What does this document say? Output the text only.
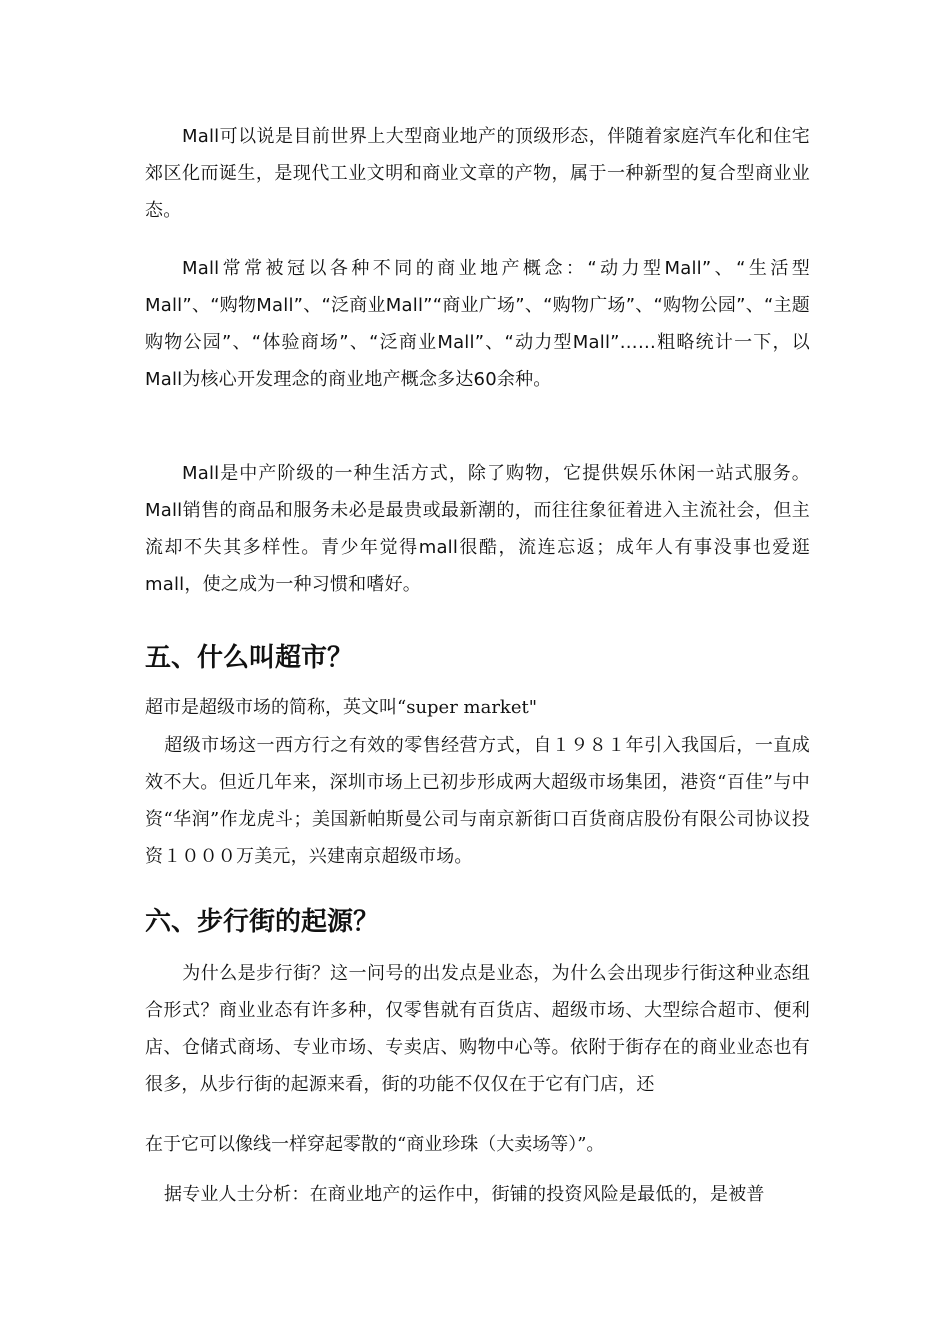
Mall可以说是目前世界上大型商业地产的顶级形态，伴随着家庭汽车化和住宅郊区化而诞生，是现代工业文明和商业文章的产物，属于一种新型的复合型商业业态。

Mall常常被冠以各种不同的商业地产概念：“动力型Mall”、“生活型Mall”、“购物Mall”、“泛商业Mall”“商业广场”、“购物广场”、“购物公园”、“主题购物公园”、“体验商场”、“泛商业Mall”、“动力型Mall”……粗略统计一下，以Mall为核心开发理念的商业地产概念多达60余种。

Mall是中产阶级的一种生活方式，除了购物，它提供娱乐休闲一站式服务。Mall销售的商品和服务未必是最贵或最新潮的，而往往象征着进入主流社会，但主流却不失其多样性。青少年觉得mall很酷，流连忘返；成年人有事没事也爱逛mall，使之成为一种习惯和嗜好。

五、什么叫超市？

超市是超级市场的简称，英文叫“super market"

超级市场这一西方行之有效的零售经营方式，自１９８１年引入我国后，一直成效不大。但近几年来，深圳市场上已初步形成两大超级市场集团，港资“百佳”与中资“华润”作龙虎斗；美国新帕斯曼公司与南京新街口百货商店股份有限公司协议投资１０００万美元，兴建南京超级市场。

六、步行街的起源？

为什么是步行街？这一问号的出发点是业态，为什么会出现步行街这种业态组合形式？商业业态有许多种，仅零售就有百货店、超级市场、大型综合超市、便利店、仓储式商场、专业市场、专卖店、购物中心等。依附于街存在的商业业态也有很多，从步行街的起源来看，街的功能不仅仅在于它有门店，还

在于它可以像线一样穿起零散的“商业珍珠（大卖场等）”。

据专业人士分析：在商业地产的运作中，街铺的投资风险是最低的，是被普
